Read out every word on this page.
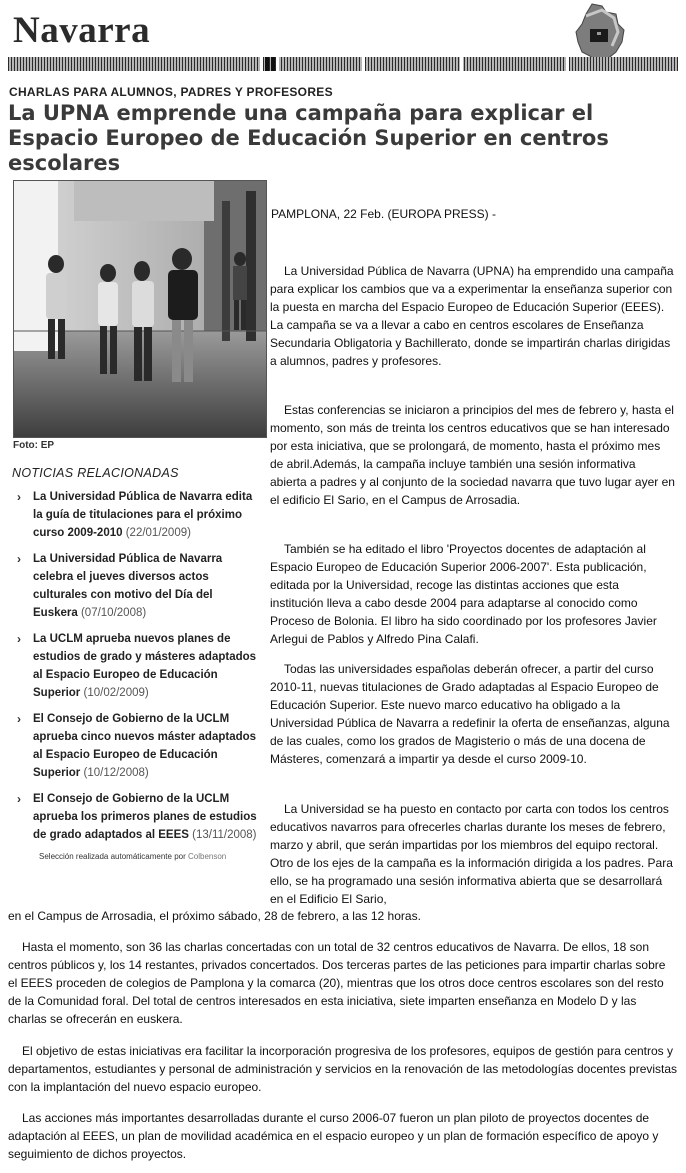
Navarra

CHARLAS PARA ALUMNOS, PADRES Y PROFESORES

La UPNA emprende una campaña para explicar el Espacio Europeo de Educación Superior en centros escolares
Foto: EP
NOTICIAS RELACIONADAS
› La Universidad Pública de Navarra edita la guía de titulaciones para el próximo curso 2009-2010 (22/01/2009)
› La Universidad Pública de Navarra celebra el jueves diversos actos culturales con motivo del Día del Euskera (07/10/2008)
› La UCLM aprueba nuevos planes de estudios de grado y másteres adaptados al Espacio Europeo de Educación Superior (10/02/2009)
› El Consejo de Gobierno de la UCLM aprueba cinco nuevos máster adaptados al Espacio Europeo de Educación Superior (10/12/2008)
› El Consejo de Gobierno de la UCLM aprueba los primeros planes de estudios de grado adaptados al EEES (13/11/2008)
Selección realizada automáticamente por Colbenson
PAMPLONA, 22 Feb. (EUROPA PRESS) -

La Universidad Pública de Navarra (UPNA) ha emprendido una campaña para explicar los cambios que va a experimentar la enseñanza superior con la puesta en marcha del Espacio Europeo de Educación Superior (EEES). La campaña se va a llevar a cabo en centros escolares de Enseñanza Secundaria Obligatoria y Bachillerato, donde se impartirán charlas dirigidas a alumnos, padres y profesores.

Estas conferencias se iniciaron a principios del mes de febrero y, hasta el momento, son más de treinta los centros educativos que se han interesado por esta iniciativa, que se prolongará, de momento, hasta el próximo mes de abril.Además, la campaña incluye también una sesión informativa abierta a padres y al conjunto de la sociedad navarra que tuvo lugar ayer en el edificio El Sario, en el Campus de Arrosadia.

También se ha editado el libro 'Proyectos docentes de adaptación al Espacio Europeo de Educación Superior 2006-2007'. Esta publicación, editada por la Universidad, recoge las distintas acciones que esta institución lleva a cabo desde 2004 para adaptarse al conocido como Proceso de Bolonia. El libro ha sido coordinado por los profesores Javier Arlegui de Pablos y Alfredo Pina Calafi.

Todas las universidades españolas deberán ofrecer, a partir del curso 2010-11, nuevas titulaciones de Grado adaptadas al Espacio Europeo de Educación Superior. Este nuevo marco educativo ha obligado a la Universidad Pública de Navarra a redefinir la oferta de enseñanzas, alguna de las cuales, como los grados de Magisterio o más de una docena de Másteres, comenzará a impartir ya desde el curso 2009-10.

La Universidad se ha puesto en contacto por carta con todos los centros educativos navarros para ofrecerles charlas durante los meses de febrero, marzo y abril, que serán impartidas por los miembros del equipo rectoral. Otro de los ejes de la campaña es la información dirigida a los padres. Para ello, se ha programado una sesión informativa abierta que se desarrollará en el Edificio El Sario,

en el Campus de Arrosadia, el próximo sábado, 28 de febrero, a las 12 horas.

Hasta el momento, son 36 las charlas concertadas con un total de 32 centros educativos de Navarra. De ellos, 18 son centros públicos y, los 14 restantes, privados concertados. Dos terceras partes de las peticiones para impartir charlas sobre el EEES proceden de colegios de Pamplona y la comarca (20), mientras que los otros doce centros escolares son del resto de la Comunidad foral. Del total de centros interesados en esta iniciativa, siete imparten enseñanza en Modelo D y las charlas se ofrecerán en euskera.

El objetivo de estas iniciativas era facilitar la incorporación progresiva de los profesores, equipos de gestión para centros y departamentos, estudiantes y personal de administración y servicios en la renovación de las metodologías docentes previstas con la implantación del nuevo espacio europeo.

Las acciones más importantes desarrolladas durante el curso 2006-07 fueron un plan piloto de proyectos docentes de adaptación al EEES, un plan de movilidad académica en el espacio europeo y un plan de formación específico de apoyo y seguimiento de dichos proyectos.
